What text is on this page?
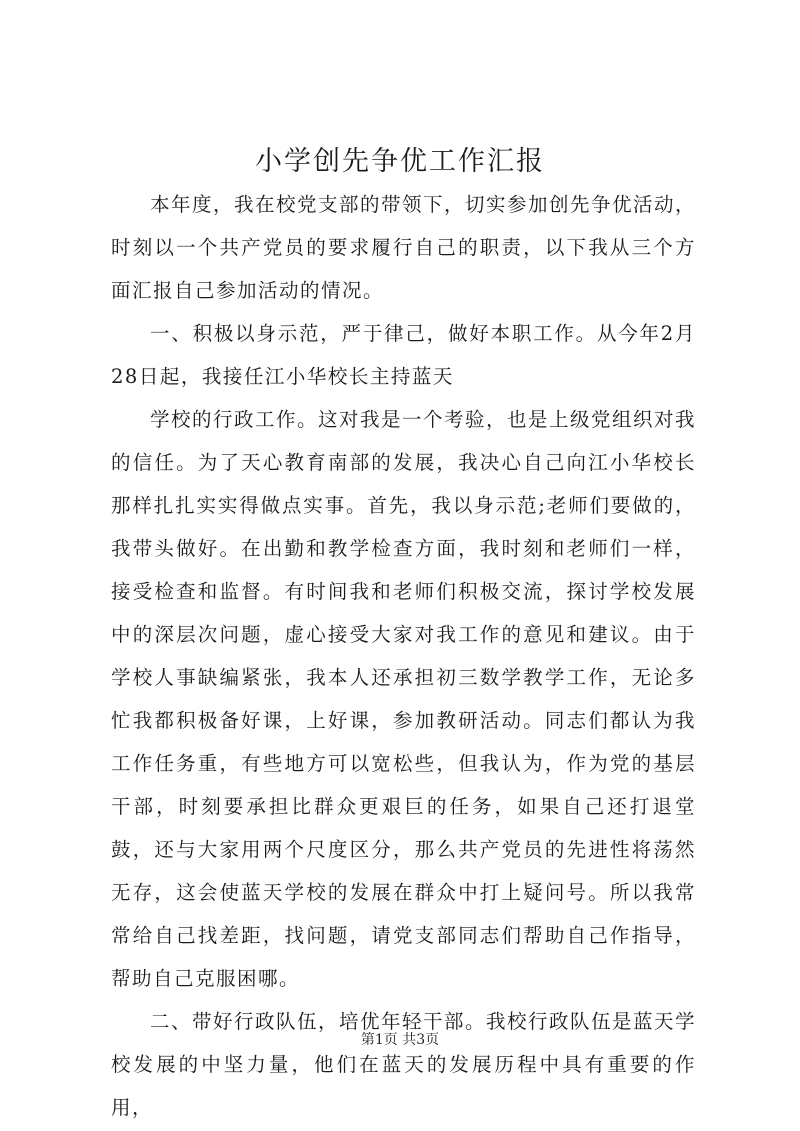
小学创先争优工作汇报

本年度，我在校党支部的带领下，切实参加创先争优活动，时刻以一个共产党员的要求履行自己的职责，以下我从三个方面汇报自己参加活动的情况。

一、积极以身示范，严于律己，做好本职工作。从今年2月28日起，我接任江小华校长主持蓝天

学校的行政工作。这对我是一个考验，也是上级党组织对我的信任。为了天心教育南部的发展，我决心自己向江小华校长那样扎扎实实得做点实事。首先，我以身示范;老师们要做的，我带头做好。在出勤和教学检查方面，我时刻和老师们一样，接受检查和监督。有时间我和老师们积极交流，探讨学校发展中的深层次问题，虚心接受大家对我工作的意见和建议。由于学校人事缺编紧张，我本人还承担初三数学教学工作，无论多忙我都积极备好课，上好课，参加教研活动。同志们都认为我工作任务重，有些地方可以宽松些，但我认为，作为党的基层干部，时刻要承担比群众更艰巨的任务，如果自己还打退堂鼓，还与大家用两个尺度区分，那么共产党员的先进性将荡然无存，这会使蓝天学校的发展在群众中打上疑问号。所以我常常给自己找差距，找问题，请党支部同志们帮助自己作指导，帮助自己克服困哪。

二、带好行政队伍，培优年轻干部。我校行政队伍是蓝天学校发展的中坚力量，他们在蓝天的发展历程中具有重要的作用，

第1页 共3页
